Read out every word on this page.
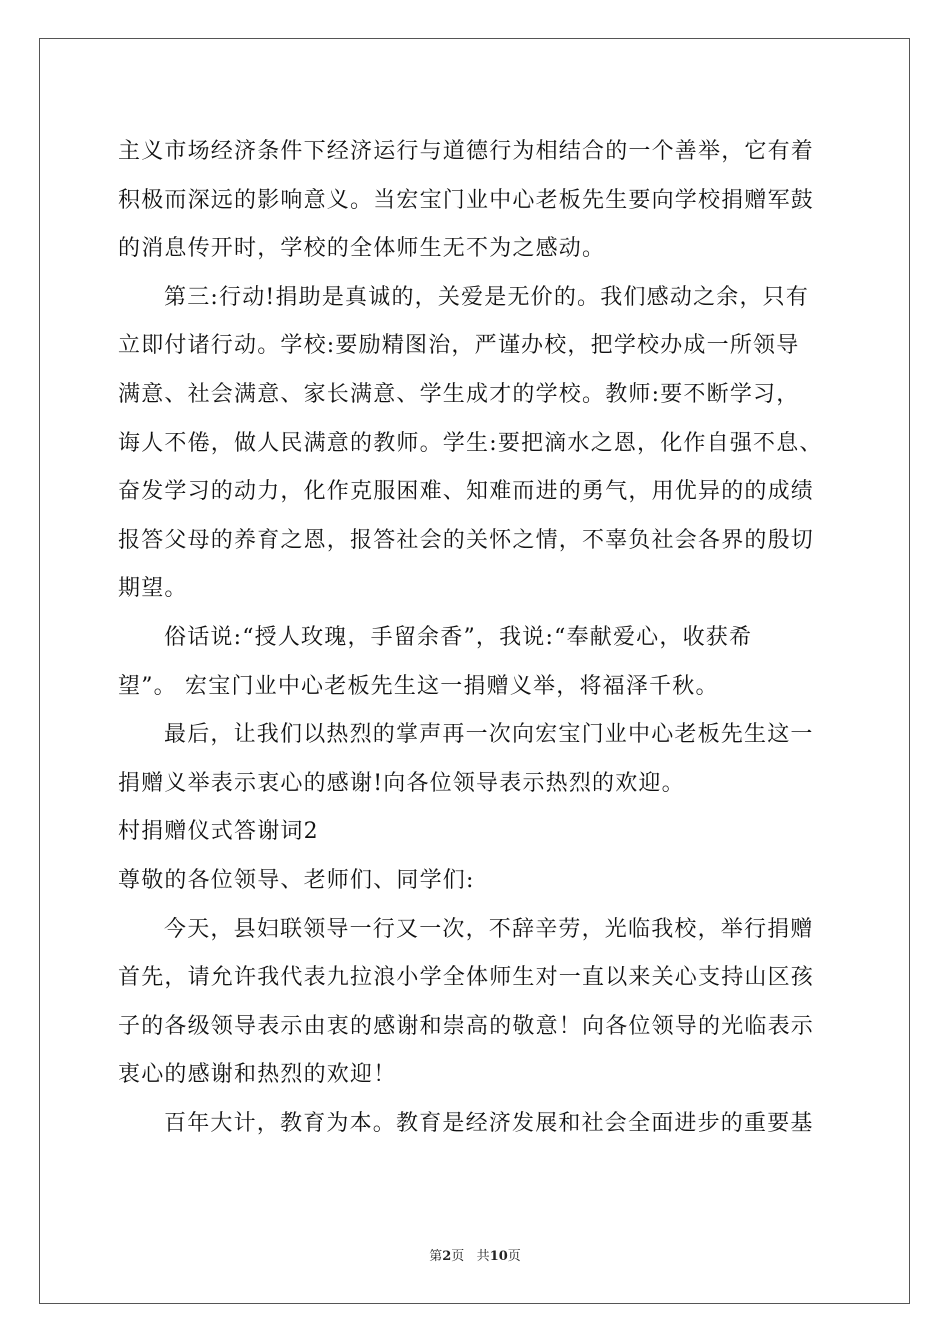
主义市场经济条件下经济运行与道德行为相结合的一个善举，它有着
积极而深远的影响意义。当宏宝门业中心老板先生要向学校捐赠军鼓
的消息传开时，学校的全体师生无不为之感动。
第三:行动!捐助是真诚的，关爱是无价的。我们感动之余，只有
立即付诸行动。学校:要励精图治，严谨办校，把学校办成一所领导
满意、社会满意、家长满意、学生成才的学校。教师:要不断学习，
诲人不倦，做人民满意的教师。学生:要把滴水之恩，化作自强不息、
奋发学习的动力，化作克服困难、知难而进的勇气，用优异的的成绩
报答父母的养育之恩，报答社会的关怀之情，不辜负社会各界的殷切
期望。
俗话说:“授人玫瑰，手留余香”，我说:“奉献爱心，收获希
望”。 宏宝门业中心老板先生这一捐赠义举，将福泽千秋。
最后，让我们以热烈的掌声再一次向宏宝门业中心老板先生这一
捐赠义举表示衷心的感谢!向各位领导表示热烈的欢迎。
村捐赠仪式答谢词2
尊敬的各位领导、老师们、同学们:
今天，县妇联领导一行又一次，不辞辛劳，光临我校，举行捐赠
首先，请允许我代表九拉浪小学全体师生对一直以来关心支持山区孩
子的各级领导表示由衷的感谢和崇高的敬意！向各位领导的光临表示
衷心的感谢和热烈的欢迎！
百年大计，教育为本。教育是经济发展和社会全面进步的重要基
第2页 共10页
